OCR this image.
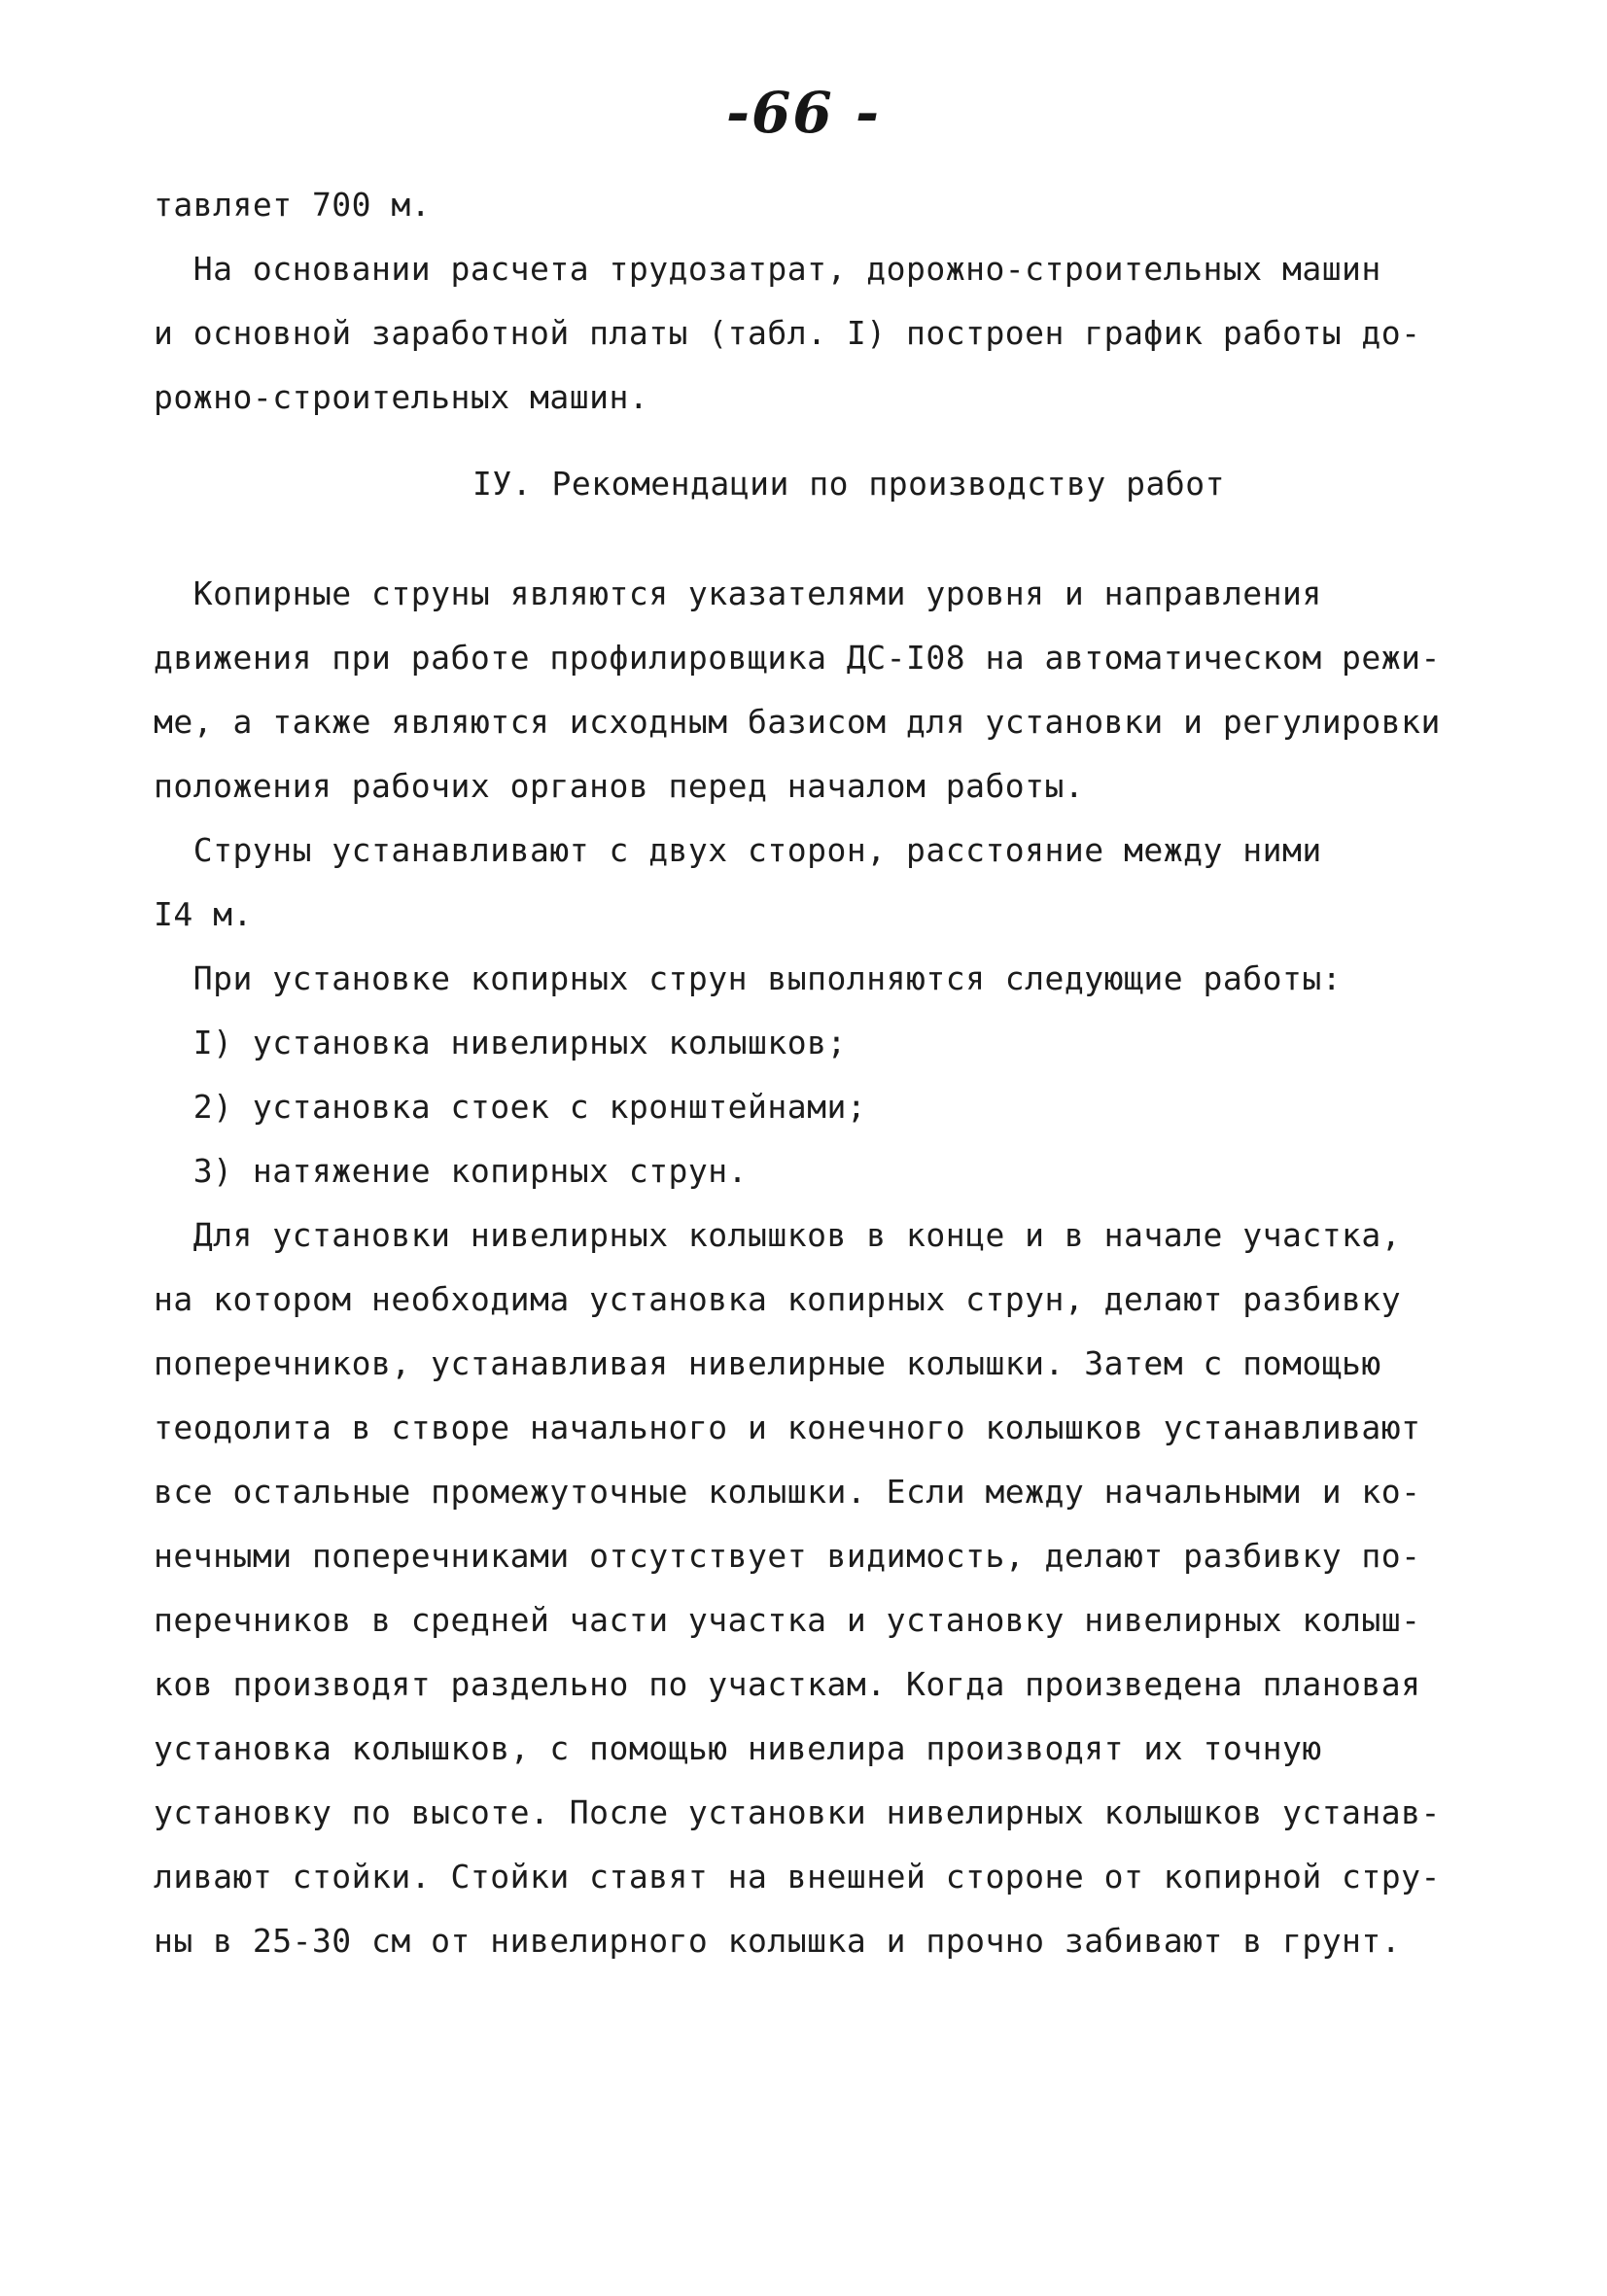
-66 -
тавляет 700 м.
На основании расчета трудозатрат, дорожно-строительных машин
и основной заработной платы (табл. I) построен график работы до-
рожно-строительных машин.
IУ. Рекомендации по производству работ
Копирные струны являются указателями уровня и направления
движения при работе профилировщика ДС-I08 на автоматическом режи-
ме, а также являются исходным базисом для установки и регулировки
положения рабочих органов перед началом работы.
Струны устанавливают с двух сторон, расстояние между ними
I4 м.
При установке копирных струн выполняются следующие работы:
I) установка нивелирных колышков;
2) установка стоек с кронштейнами;
3) натяжение копирных струн.
Для установки нивелирных колышков в конце и в начале участка,
на котором необходима установка копирных струн, делают разбивку
поперечников, устанавливая нивелирные колышки. Затем с помощью
теодолита в створе начального и конечного колышков устанавливают
все остальные промежуточные колышки. Если между начальными и ко-
нечными поперечниками отсутствует видимость, делают разбивку по-
перечников в средней части участка и установку нивелирных колыш-
ков производят раздельно по участкам. Когда произведена плановая
установка колышков, с помощью нивелира производят их точную
установку по высоте. После установки нивелирных колышков устанав-
ливают стойки. Стойки ставят на внешней стороне от копирной стру-
ны в 25-30 см от нивелирного колышка и прочно забивают в грунт.
